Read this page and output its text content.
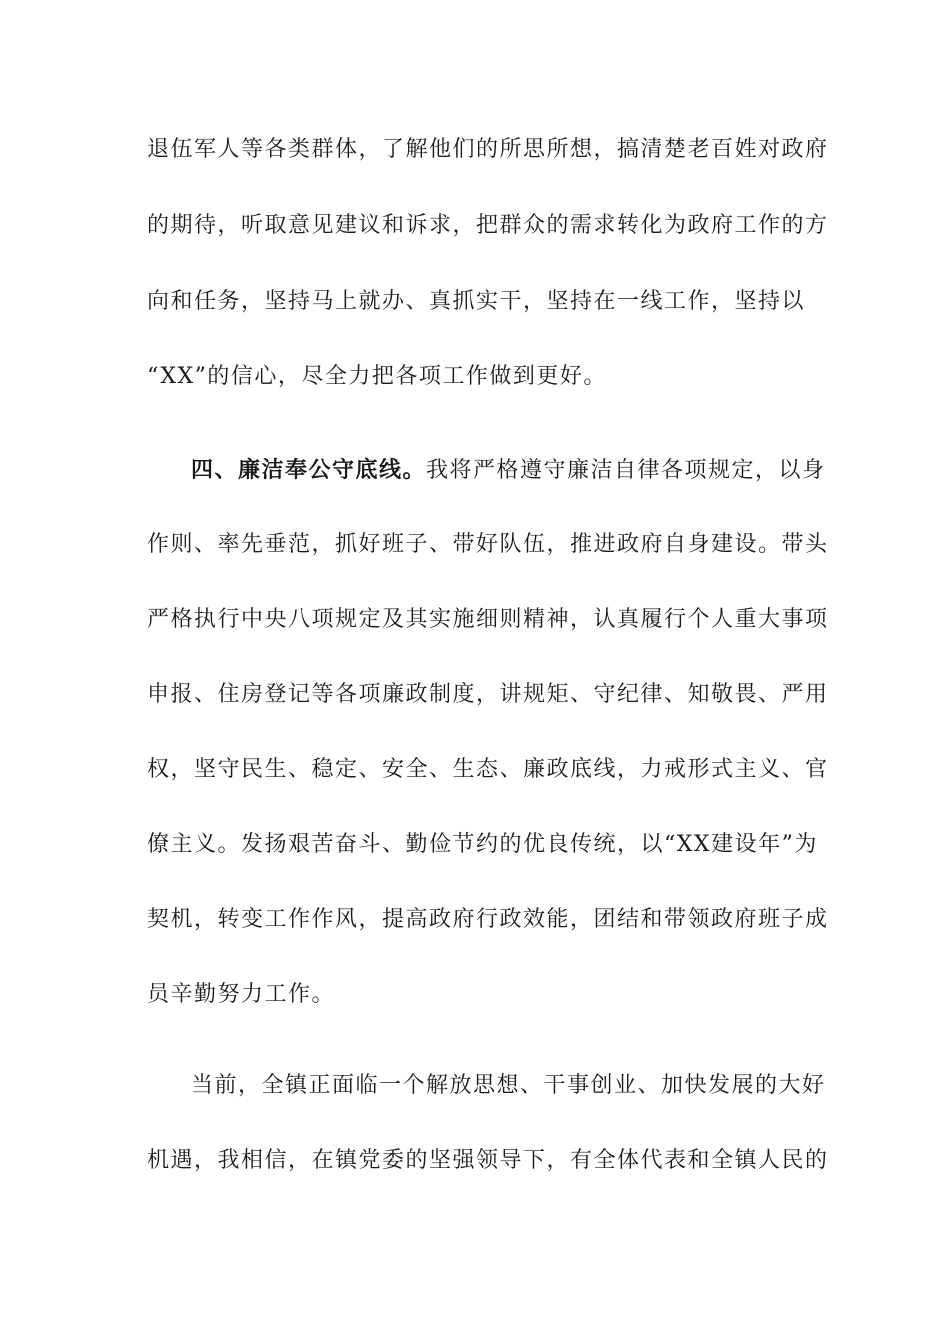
退伍军人等各类群体，了解他们的所思所想，搞清楚老百姓对政府
的期待，听取意见建议和诉求，把群众的需求转化为政府工作的方
向和任务，坚持马上就办、真抓实干，坚持在一线工作，坚持以
“XX”的信心，尽全力把各项工作做到更好。
四、廉洁奉公守底线。我将严格遵守廉洁自律各项规定，以身
作则、率先垂范，抓好班子、带好队伍，推进政府自身建设。带头
严格执行中央八项规定及其实施细则精神，认真履行个人重大事项
申报、住房登记等各项廉政制度，讲规矩、守纪律、知敬畏、严用
权，坚守民生、稳定、安全、生态、廉政底线，力戒形式主义、官
僚主义。发扬艰苦奋斗、勤俭节约的优良传统，以“XX建设年”为
契机，转变工作作风，提高政府行政效能，团结和带领政府班子成
员辛勤努力工作。
当前，全镇正面临一个解放思想、干事创业、加快发展的大好
机遇，我相信，在镇党委的坚强领导下，有全体代表和全镇人民的
